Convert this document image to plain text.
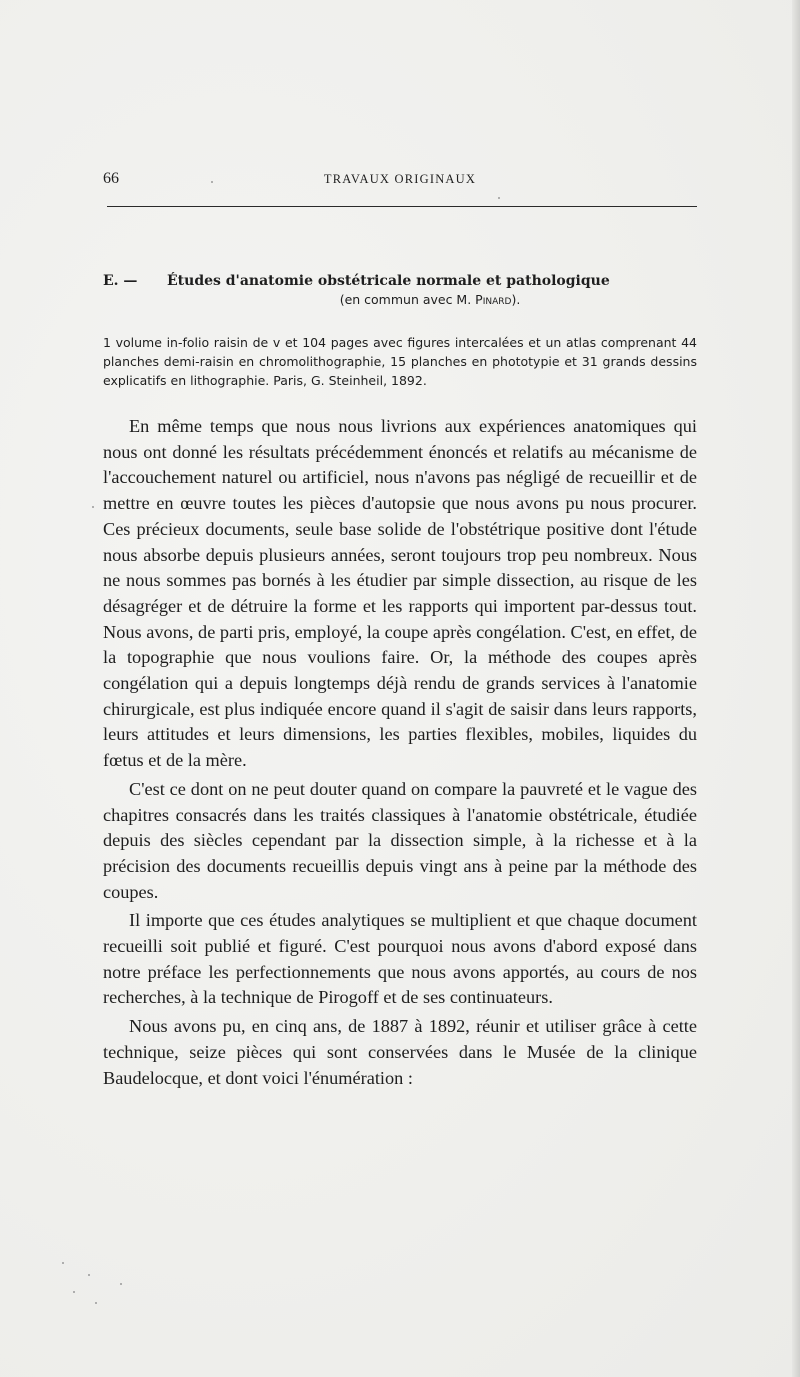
66	TRAVAUX ORIGINAUX
E. — Études d'anatomie obstétricale normale et pathologique
(en commun avec M. Pinard).
1 volume in-folio raisin de v et 104 pages avec figures intercalées et un atlas comprenant 44 planches demi-raisin en chromolithographie, 15 planches en phototypie et 31 grands dessins explicatifs en lithographie. Paris, G. Steinheil, 1892.

En même temps que nous nous livrions aux expériences anatomiques qui nous ont donné les résultats précédemment énoncés et relatifs au mécanisme de l'accouchement naturel ou artificiel, nous n'avons pas négligé de recueillir et de mettre en œuvre toutes les pièces d'autopsie que nous avons pu nous procurer. Ces précieux documents, seule base solide de l'obstétrique positive dont l'étude nous absorbe depuis plusieurs années, seront toujours trop peu nombreux. Nous ne nous sommes pas bornés à les étudier par simple dissection, au risque de les désagréger et de détruire la forme et les rapports qui importent par-dessus tout. Nous avons, de parti pris, employé, la coupe après congélation. C'est, en effet, de la topographie que nous voulions faire. Or, la méthode des coupes après congélation qui a depuis longtemps déjà rendu de grands services à l'anatomie chirurgicale, est plus indiquée encore quand il s'agit de saisir dans leurs rapports, leurs attitudes et leurs dimensions, les parties flexibles, mobiles, liquides du fœtus et de la mère.

C'est ce dont on ne peut douter quand on compare la pauvreté et le vague des chapitres consacrés dans les traités classiques à l'anatomie obstétricale, étudiée depuis des siècles cependant par la dissection simple, à la richesse et à la précision des documents recueillis depuis vingt ans à peine par la méthode des coupes.

Il importe que ces études analytiques se multiplient et que chaque document recueilli soit publié et figuré. C'est pourquoi nous avons d'abord exposé dans notre préface les perfectionnements que nous avons apportés, au cours de nos recherches, à la technique de Pirogoff et de ses continuateurs.

Nous avons pu, en cinq ans, de 1887 à 1892, réunir et utiliser grâce à cette technique, seize pièces qui sont conservées dans le Musée de la clinique Baudelocque, et dont voici l'énumération :
